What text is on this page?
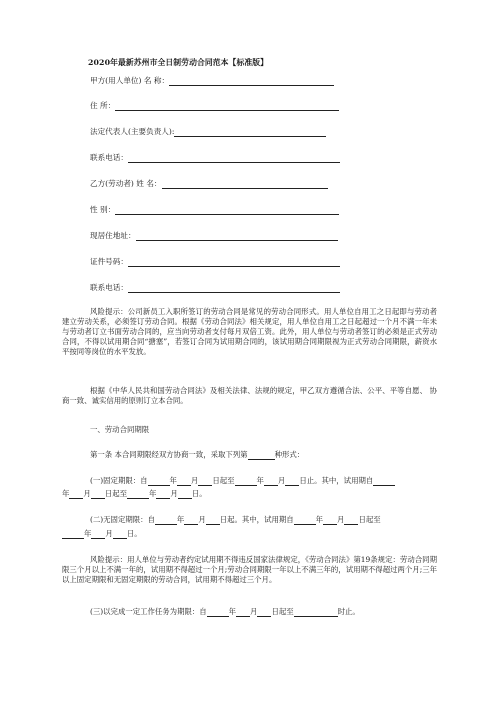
2020年最新苏州市全日制劳动合同范本【标准版】
甲方(用人单位) 名 称：
住 所：
法定代表人(主要负责人):
联系电话：
乙方(劳动者) 姓 名：
性 别：
现居住地址：
证件号码：
联系电话：
风险提示：公司新员工入职所签订的劳动合同是常见的劳动合同形式。用人单位自用工之日起即与劳动者建立劳动关系，必须签订劳动合同。根据《劳动合同法》相关规定，用人单位自用工之日起超过一个月不满一年未与劳动者订立书面劳动合同的，应当向劳动者支付每月双倍工资。此外，用人单位与劳动者签订的必须是正式劳动合同，不得以试用期合同“搪塞”，若签订合同为试用期合同的，该试用期合同期限视为正式劳动合同期限，薪资水平按同等岗位的水平发放。
根据《中华人民共和国劳动合同法》及相关法律、法规的规定，甲乙双方遵循合法、公平、平等自愿、 协商一致、诚实信用的原则订立本合同。
一、劳动合同期限
第一条 本合同期限经双方协商一致，采取下列第	种形式：
(一)固定期限：自	年 月 日起至	年 月 日止。其中，试用期自
年 月 日起至	年 月 日。
(二)无固定期限：自	年 月 日起。其中，试用期自	年 月 日起至
年 月 日。
风险提示：用人单位与劳动者约定试用期不得违反国家法律规定，《劳动合同法》第19条规定：劳动合同期限三个月以上不满一年的，试用期不得超过一个月;劳动合同期限一年以上不满三年的，试用期不得超过两个月;三年以上固定期限和无固定期限的劳动合同，试用期不得超过三个月。
(三)以完成一定工作任务为期限：自	年 月 日起至	时止。
